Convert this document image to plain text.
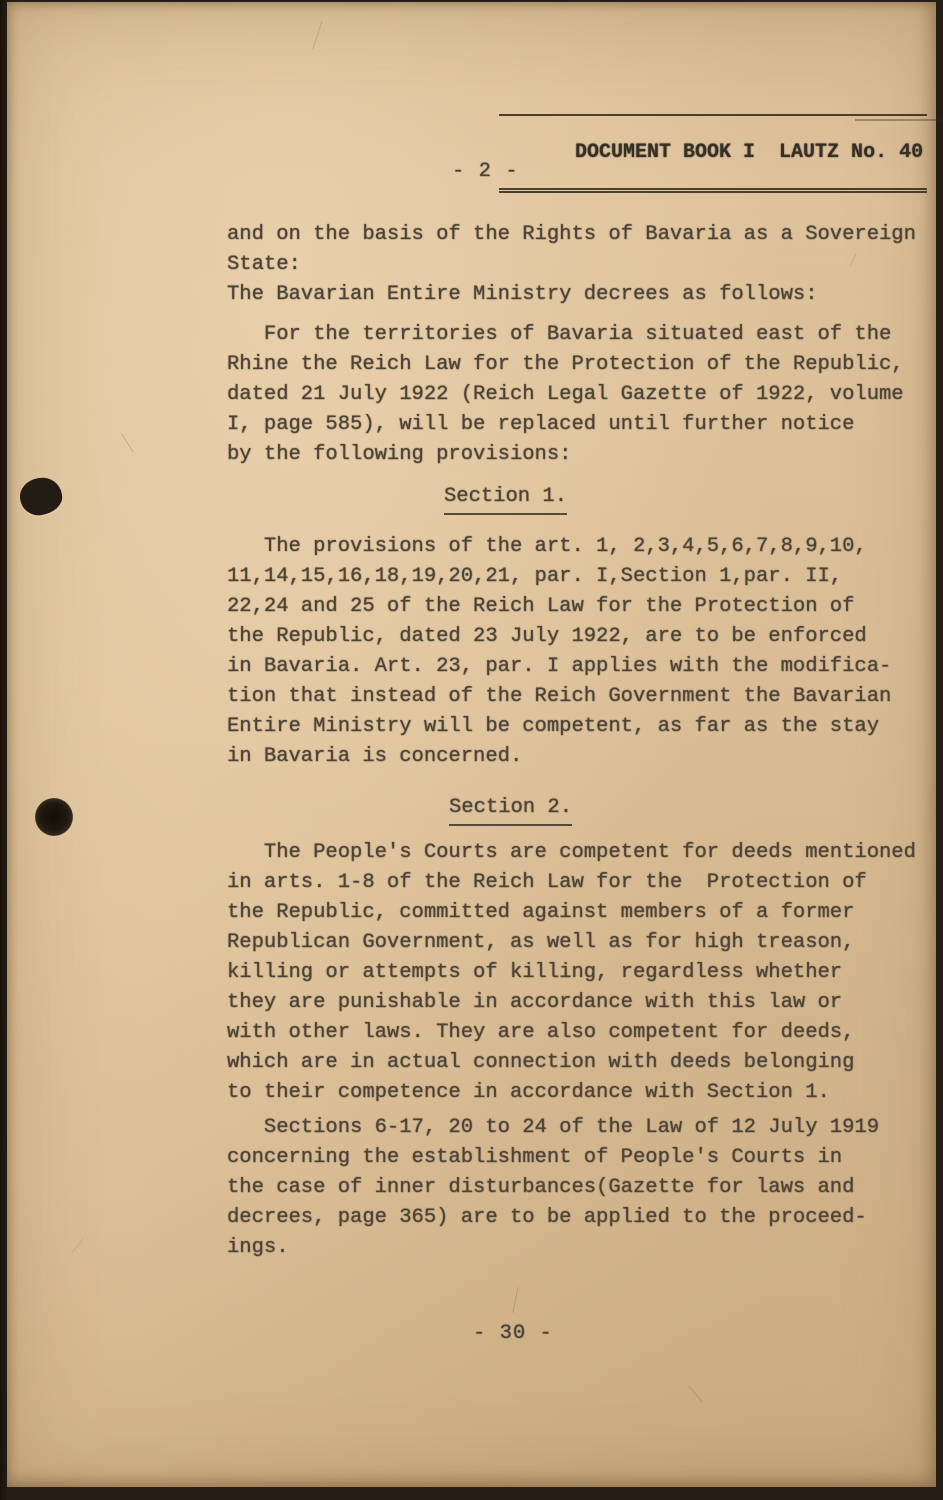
DOCUMENT BOOK I  LAUTZ No. 40

- 2 -
and on the basis of the Rights of Bavaria as a Sovereign
State:
The Bavarian Entire Ministry decrees as follows:
For the territories of Bavaria situated east of the
Rhine the Reich Law for the Protection of the Republic,
dated 21 July 1922 (Reich Legal Gazette of 1922, volume
I, page 585), will be replaced until further notice
by the following provisions:
Section 1.
The provisions of the art. 1, 2,3,4,5,6,7,8,9,10,
11,14,15,16,18,19,20,21, par. I,Section 1,par. II,
22,24 and 25 of the Reich Law for the Protection of
the Republic, dated 23 July 1922, are to be enforced
in Bavaria. Art. 23, par. I applies with the modifica-
tion that instead of the Reich Government the Bavarian
Entire Ministry will be competent, as far as the stay
in Bavaria is concerned.
Section 2.
The People's Courts are competent for deeds mentioned
in arts. 1-8 of the Reich Law for the  Protection of
the Republic, committed against members of a former
Republican Government, as well as for high treason,
killing or attempts of killing, regardless whether
they are punishable in accordance with this law or
with other laws. They are also competent for deeds,
which are in actual connection with deeds belonging
to their competence in accordance with Section 1.
Sections 6-17, 20 to 24 of the Law of 12 July 1919
concerning the establishment of People's Courts in
the case of inner disturbances(Gazette for laws and
decrees, page 365) are to be applied to the proceed-
ings.
- 30 -
